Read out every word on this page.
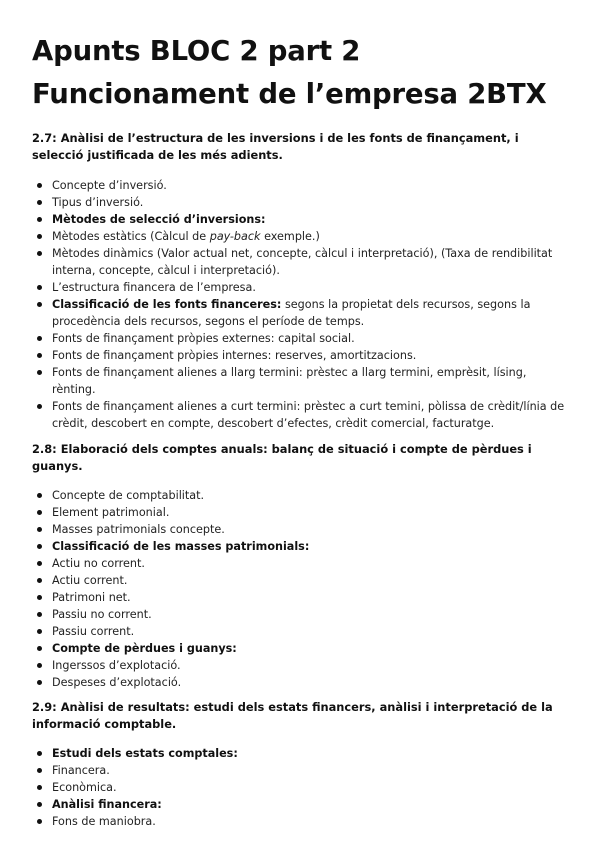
Apunts BLOC 2 part 2
Funcionament de l’empresa 2BTX

2.7: Anàlisi de l’estructura de les inversions i de les fonts de finançament, i selecció justificada de les més adients.

Concepte d’inversió.
Tipus d’inversió.
Mètodes de selecció d’inversions:
Mètodes estàtics (Càlcul de pay-back exemple.)
Mètodes dinàmics (Valor actual net, concepte, càlcul i interpretació), (Taxa de rendibilitat interna, concepte, càlcul i interpretació).
L’estructura financera de l’empresa.
Classificació de les fonts financeres: segons la propietat dels recursos, segons la procedència dels recursos, segons el període de temps.
Fonts de finançament pròpies externes: capital social.
Fonts de finançament pròpies internes: reserves, amortitzacions.
Fonts de finançament alienes a llarg termini: prèstec a llarg termini, emprèsit, lísing, rènting.
Fonts de finançament alienes a curt termini: prèstec a curt temini, pòlissa de crèdit/línia de crèdit, descobert en compte, descobert d’efectes, crèdit comercial, facturatge.

2.8: Elaboració dels comptes anuals: balanç de situació i compte de pèrdues i guanys.

Concepte de comptabilitat.
Element patrimonial.
Masses patrimonials concepte.
Classificació de les masses patrimonials:
Actiu no corrent.
Actiu corrent.
Patrimoni net.
Passiu no corrent.
Passiu corrent.
Compte de pèrdues i guanys:
Ingerssos d’explotació.
Despeses d’explotació.

2.9: Anàlisi de resultats: estudi dels estats financers, anàlisi i interpretació de la informació comptable.

Estudi dels estats comptales:
Financera.
Econòmica.
Anàlisi financera:
Fons de maniobra.
